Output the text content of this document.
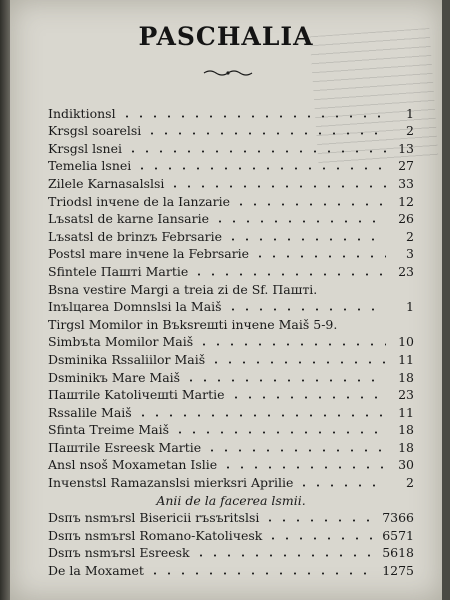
PASCHALIA
Indiktionsl	1
Krsgsl soarelsi	2
Krsgsl lsnei	13
Temelia lsnei	27
Zilele Karnasalslsi	33
Triodsl inчene de la Ianzarie	12
Lъsatsl de karne Iansarie	26
Lъsatsl de brinzъ Febrsarie	2
Postsl mare inчene la Febrsarie	3
Sfintele Паштi Martie	23
Bsna vestire Margi a treia zi de Sf. Паштi.
Inъlцarea Domnslsi la Maiš	1
Tirgsl Momilor in Bъksreшti inчene Maiš 5-9.
Simbъta Momilor Maiš	10
Dsminika Rssaliilor Maiš	11
Dsminikъ Mare Maiš	18
Паштile Katoliчeшti Martie	23
Rssalile Maiš	11
Sfinta Treime Maiš	18
Паштile Esreesk Martie	18
Ansl nsoš Moxametan Islie	30
Inчenstsl Ramazanslsi mierksri Aprilie	2
Anii de la facerea lsmii.
Dsпъ nsmъrsl Bisericii rъsъritslsi	7366
Dsпъ nsmъrsl Romano-Katoliчesk	6571
Dsпъ nsmъrsl Esreesk	5618
De la Moxamet	1275
